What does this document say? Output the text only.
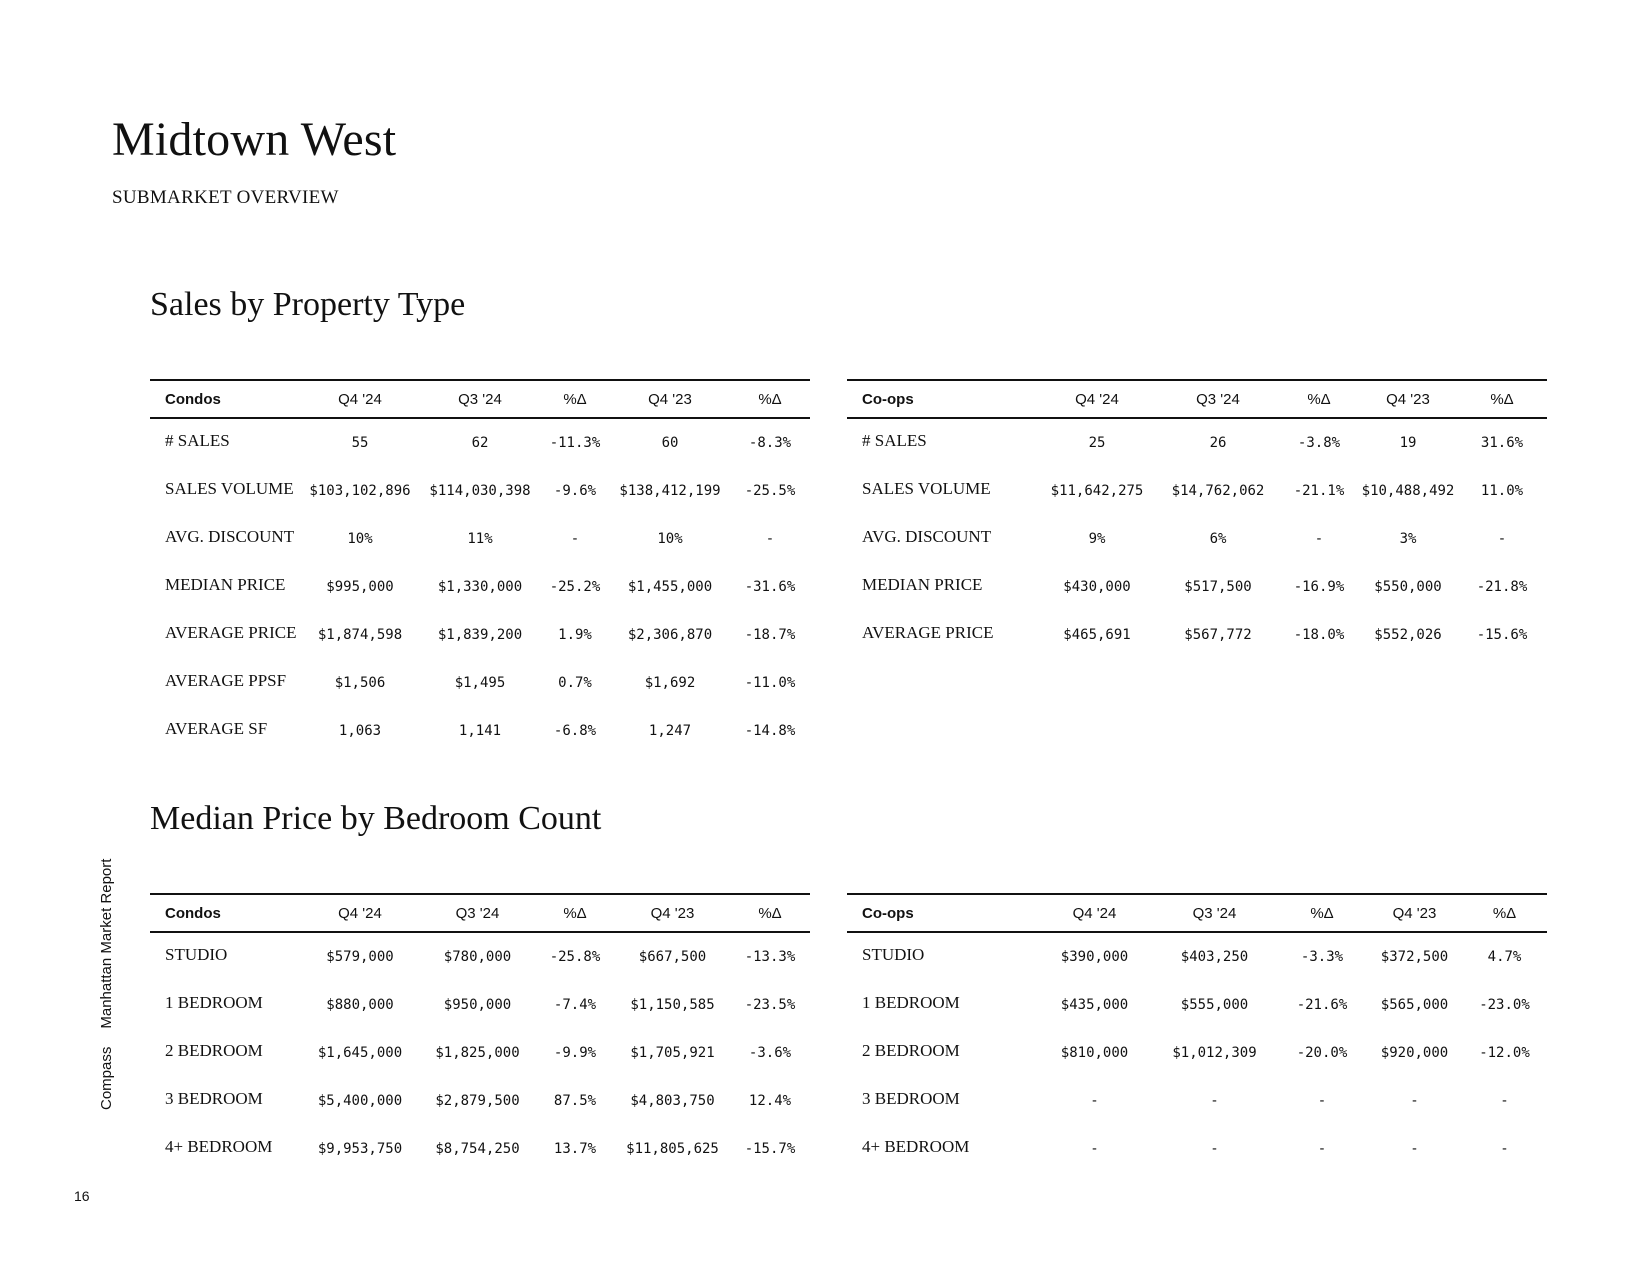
Midtown West
SUBMARKET OVERVIEW
Sales by Property Type
Condos	Q4 '24	Q3 '24	%Δ	Q4 '23	%Δ
# SALES	55	62	-11.3%	60	-8.3%
SALES VOLUME	$103,102,896	$114,030,398	-9.6%	$138,412,199	-25.5%
AVG. DISCOUNT	10%	11%	-	10%	-
MEDIAN PRICE	$995,000	$1,330,000	-25.2%	$1,455,000	-31.6%
AVERAGE PRICE	$1,874,598	$1,839,200	1.9%	$2,306,870	-18.7%
AVERAGE PPSF	$1,506	$1,495	0.7%	$1,692	-11.0%
AVERAGE SF	1,063	1,141	-6.8%	1,247	-14.8%
Co-ops	Q4 '24	Q3 '24	%Δ	Q4 '23	%Δ
# SALES	25	26	-3.8%	19	31.6%
SALES VOLUME	$11,642,275	$14,762,062	-21.1%	$10,488,492	11.0%
AVG. DISCOUNT	9%	6%	-	3%	-
MEDIAN PRICE	$430,000	$517,500	-16.9%	$550,000	-21.8%
AVERAGE PRICE	$465,691	$567,772	-18.0%	$552,026	-15.6%
Median Price by Bedroom Count
Condos	Q4 '24	Q3 '24	%Δ	Q4 '23	%Δ
STUDIO	$579,000	$780,000	-25.8%	$667,500	-13.3%
1 BEDROOM	$880,000	$950,000	-7.4%	$1,150,585	-23.5%
2 BEDROOM	$1,645,000	$1,825,000	-9.9%	$1,705,921	-3.6%
3 BEDROOM	$5,400,000	$2,879,500	87.5%	$4,803,750	12.4%
4+ BEDROOM	$9,953,750	$8,754,250	13.7%	$11,805,625	-15.7%
Co-ops	Q4 '24	Q3 '24	%Δ	Q4 '23	%Δ
STUDIO	$390,000	$403,250	-3.3%	$372,500	4.7%
1 BEDROOM	$435,000	$555,000	-21.6%	$565,000	-23.0%
2 BEDROOM	$810,000	$1,012,309	-20.0%	$920,000	-12.0%
3 BEDROOM	-	-	-	-	-
4+ BEDROOM	-	-	-	-	-
CompassManhattan Market Report
16
